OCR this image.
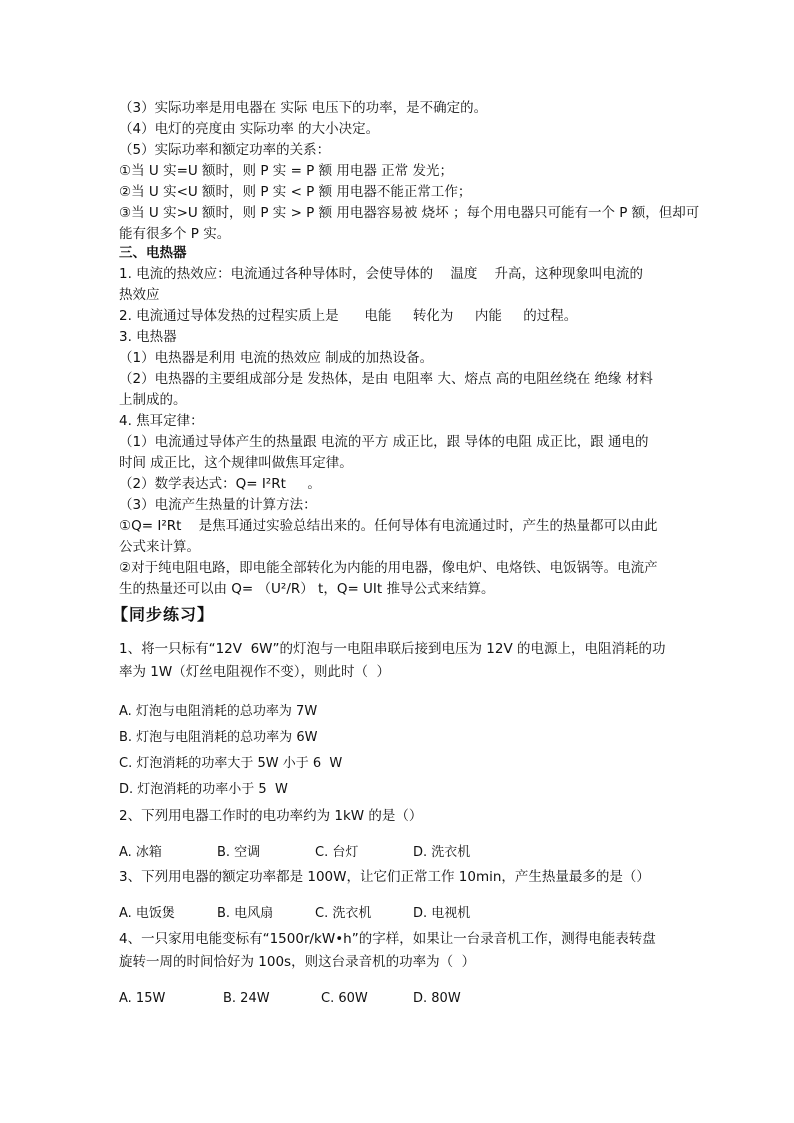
（3）实际功率是用电器在 实际 电压下的功率，是不确定的。
（4）电灯的亮度由 实际功率 的大小决定。
（5）实际功率和额定功率的关系：
①当 U 实=U 额时，则 P 实 = P 额 用电器 正常 发光；
②当 U 实<U 额时，则 P 实 < P 额 用电器不能正常工作；
③当 U 实>U 额时，则 P 实 > P 额 用电器容易被 烧坏 ；每个用电器只可能有一个 P 额，但却可
能有很多个 P 实。
三、电热器
1. 电流的热效应：电流通过各种导体时，会使导体的    温度    升高，这种现象叫电流的
热效应
2. 电流通过导体发热的过程实质上是      电能     转化为     内能     的过程。
3. 电热器
（1）电热器是利用 电流的热效应 制成的加热设备。
（2）电热器的主要组成部分是 发热体，是由 电阻率 大、熔点 高的电阻丝绕在 绝缘 材料
上制成的。
4. 焦耳定律：
（1）电流通过导体产生的热量跟 电流的平方 成正比，跟 导体的电阻 成正比，跟 通电的
时间 成正比，这个规律叫做焦耳定律。
（2）数学表达式：Q= I²Rt     。
（3）电流产生热量的计算方法：
①Q= I²Rt    是焦耳通过实验总结出来的。任何导体有电流通过时，产生的热量都可以由此
公式来计算。
②对于纯电阻电路，即电能全部转化为内能的用电器，像电炉、电烙铁、电饭锅等。电流产
生的热量还可以由 Q= （U²/R） t，Q= UIt 推导公式来结算。
【同步练习】
1、将一只标有“12V  6W”的灯泡与一电阻串联后接到电压为 12V 的电源上，电阻消耗的功
率为 1W（灯丝电阻视作不变），则此时（  ）
A. 灯泡与电阻消耗的总功率为 7W
B. 灯泡与电阻消耗的总功率为 6W
C. 灯泡消耗的功率大于 5W 小于 6  W
D. 灯泡消耗的功率小于 5  W
2、下列用电器工作时的电功率约为 1kW 的是（）
A. 冰箱	B. 空调	C. 台灯	D. 洗衣机
3、下列用电器的额定功率都是 100W，让它们正常工作 10min，产生热量最多的是（）
A. 电饭煲	B. 电风扇	C. 洗衣机	D. 电视机
4、一只家用电能变标有“1500r/kW•h”的字样，如果让一台录音机工作，测得电能表转盘
旋转一周的时间恰好为 100s，则这台录音机的功率为（  ）
A. 15W	B. 24W	C. 60W	D. 80W
